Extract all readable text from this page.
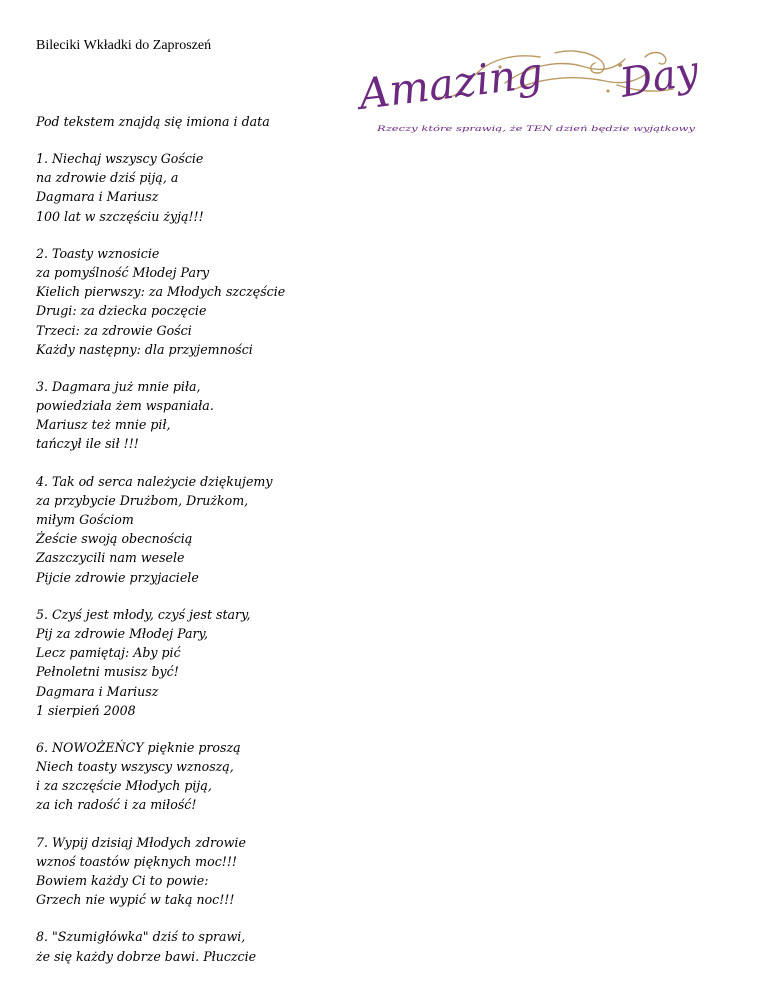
Bileciki Wkładki do Zaproszeń
Amazing Day
Rzeczy które sprawią, że TEN dzień będzie wyjątkowy
Pod tekstem znajdą się imiona i data
1. Niechaj wszyscy Goście
na zdrowie dziś piją, a
Dagmara i Mariusz
100 lat w szczęściu żyją!!!
2. Toasty wznosicie
za pomyślność Młodej Pary
Kielich pierwszy: za Młodych szczęście
Drugi: za dziecka poczęcie
Trzeci: za zdrowie Gości
Każdy następny: dla przyjemności
3. Dagmara już mnie piła,
powiedziała żem wspaniała.
Mariusz też mnie pił,
tańczył ile sił !!!
4. Tak od serca należycie dziękujemy
za przybycie Drużbom, Drużkom,
miłym Gościom
Żeście swoją obecnością
Zaszczycili nam wesele
Pijcie zdrowie przyjaciele
5. Czyś jest młody, czyś jest stary,
Pij za zdrowie Młodej Pary,
Lecz pamiętaj: Aby pić
Pełnoletni musisz być!
Dagmara i Mariusz
1 sierpień 2008
6. NOWOŻEŃCY pięknie proszą
Niech toasty wszyscy wznoszą,
i za szczęście Młodych piją,
za ich radość i za miłość!
7. Wypij dzisiaj Młodych zdrowie
wznoś toastów pięknych moc!!!
Bowiem każdy Ci to powie:
Grzech nie wypić w taką noc!!!
8. "Szumigłówka" dziś to sprawi,
że się każdy dobrze bawi. Płuczcie
